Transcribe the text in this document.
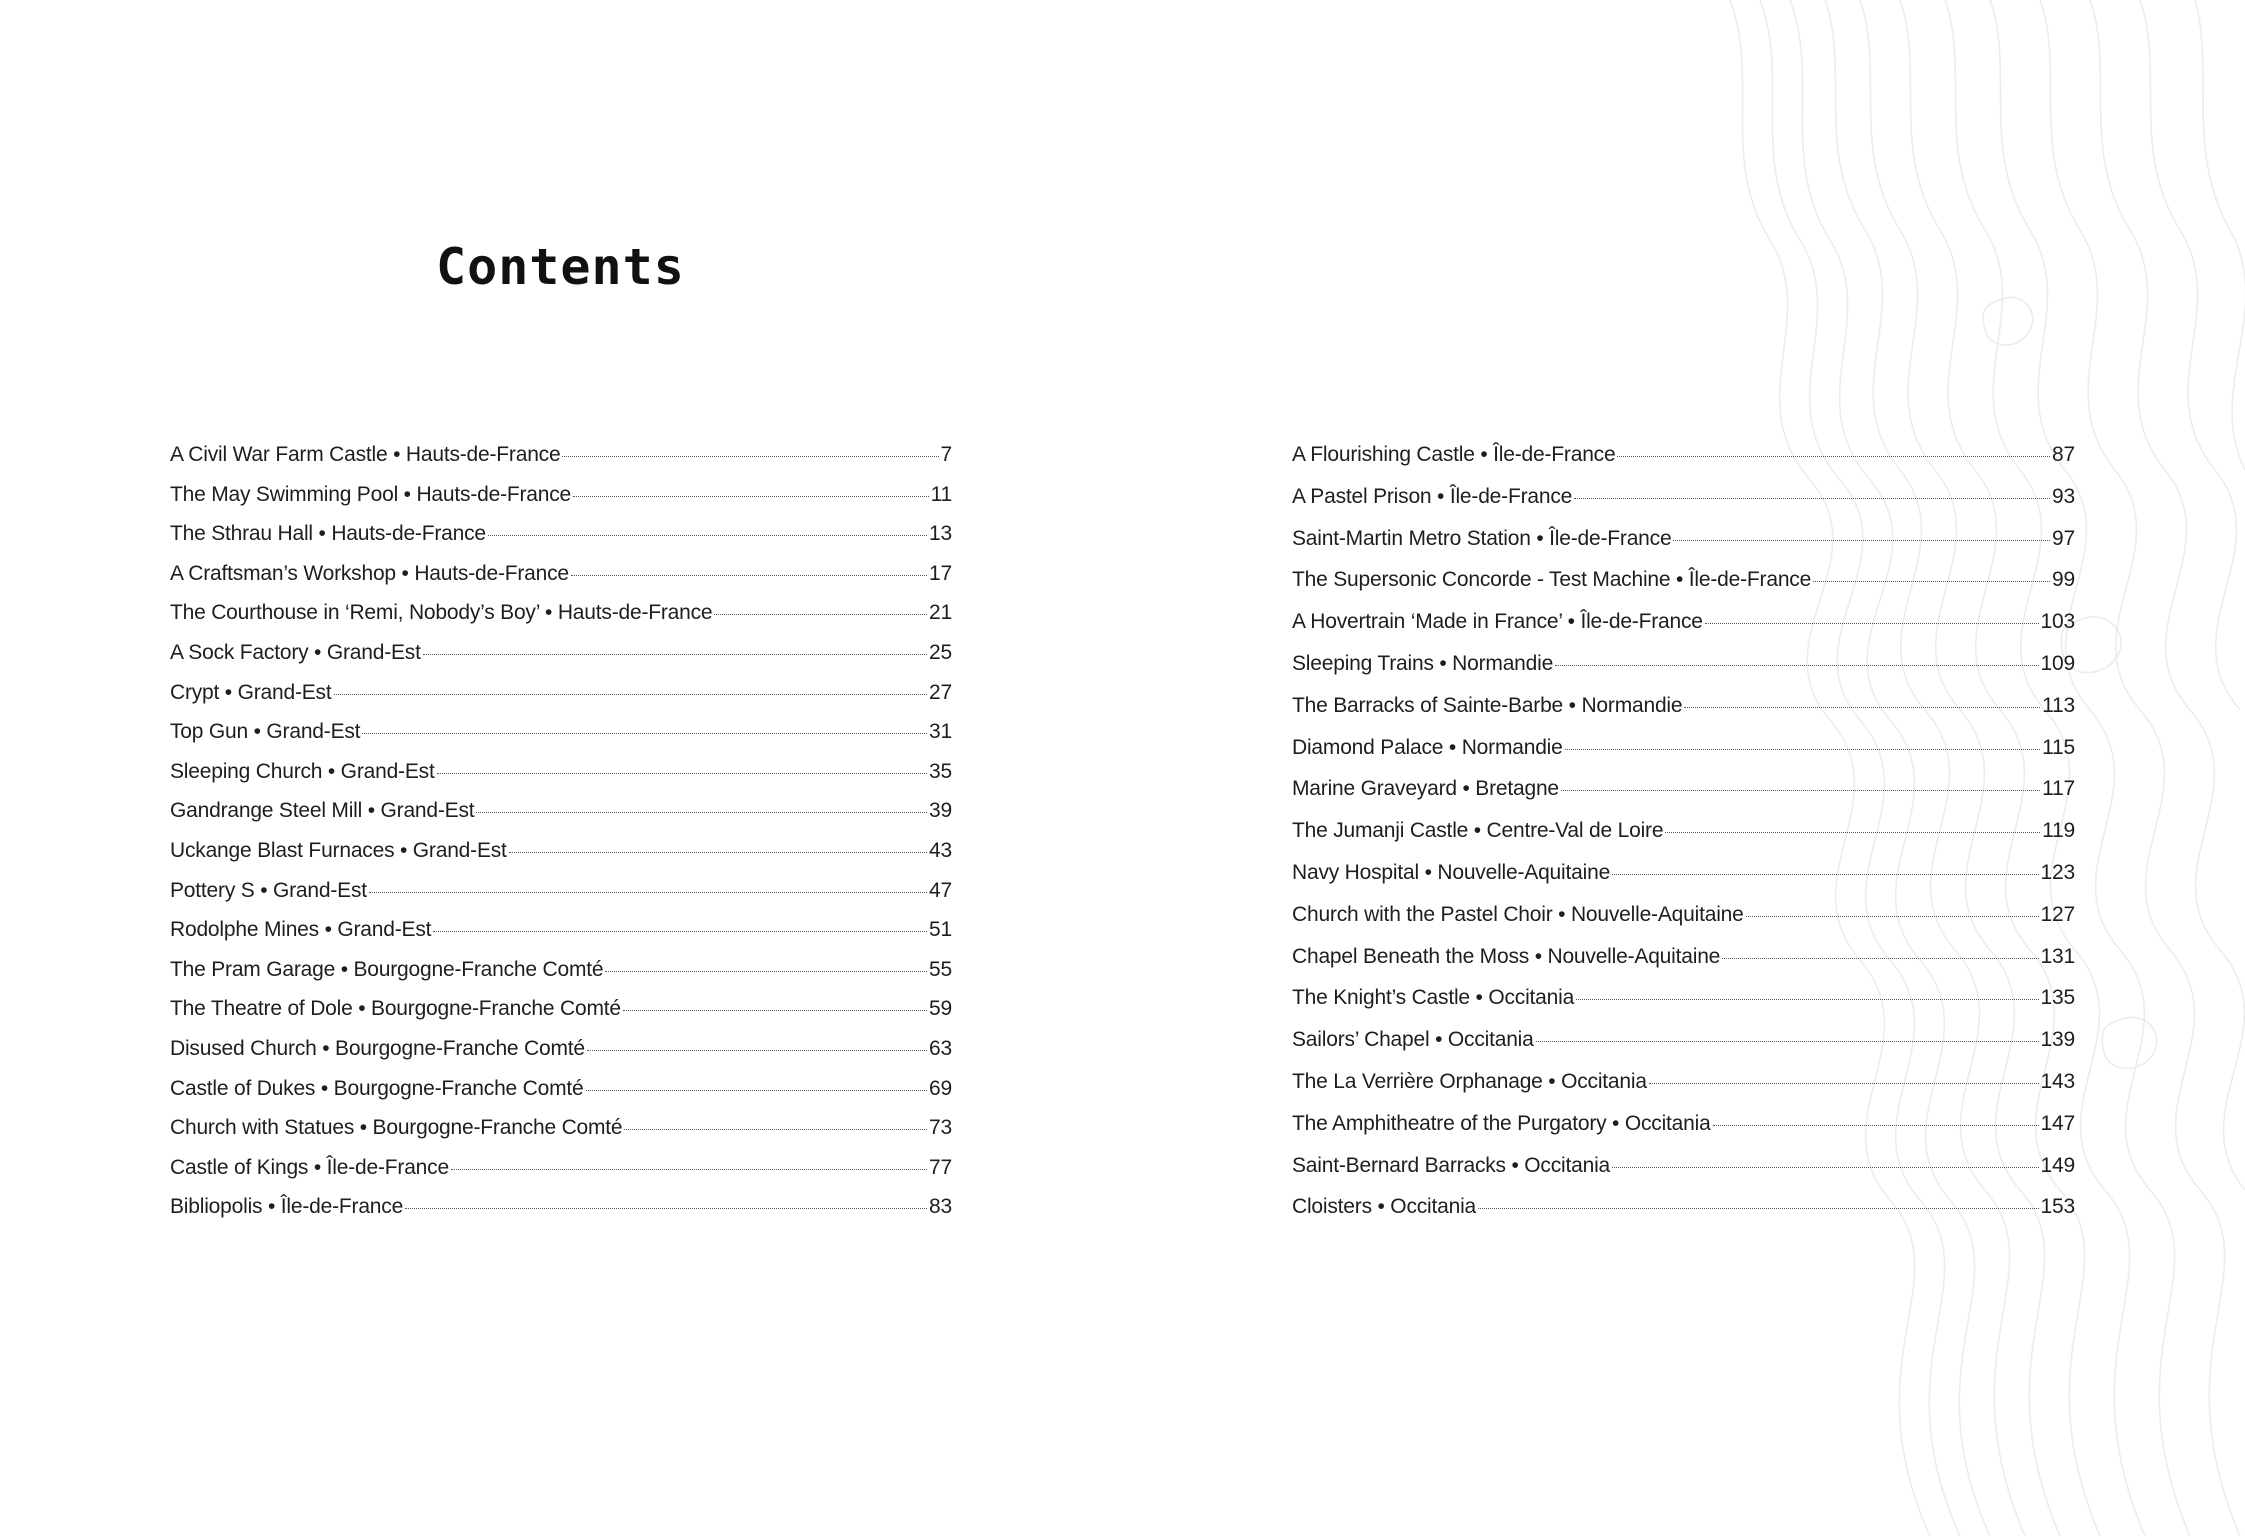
Contents
A Civil War Farm Castle • Hauts-de-France	7
The May Swimming Pool • Hauts-de-France	11
The Sthrau Hall • Hauts-de-France	13
A Craftsman’s Workshop • Hauts-de-France	17
The Courthouse in ‘Remi, Nobody’s Boy’ • Hauts-de-France	21
A Sock Factory • Grand-Est	25
Crypt • Grand-Est	27
Top Gun • Grand-Est	31
Sleeping Church • Grand-Est	35
Gandrange Steel Mill • Grand-Est	39
Uckange Blast Furnaces • Grand-Est	43
Pottery S • Grand-Est	47
Rodolphe Mines • Grand-Est	51
The Pram Garage • Bourgogne-Franche Comté	55
The Theatre of Dole • Bourgogne-Franche Comté	59
Disused Church • Bourgogne-Franche Comté	63
Castle of Dukes • Bourgogne-Franche Comté	69
Church with Statues • Bourgogne-Franche Comté	73
Castle of Kings • Île-de-France	77
Bibliopolis • Île-de-France	83
A Flourishing Castle • Île-de-France	87
A Pastel Prison • Île-de-France	93
Saint-Martin Metro Station • Île-de-France	97
The Supersonic Concorde - Test Machine • Île-de-France	99
A Hovertrain ‘Made in France’ • Île-de-France	103
Sleeping Trains • Normandie	109
The Barracks of Sainte-Barbe • Normandie	113
Diamond Palace • Normandie	115
Marine Graveyard • Bretagne	117
The Jumanji Castle • Centre-Val de Loire	119
Navy Hospital • Nouvelle-Aquitaine	123
Church with the Pastel Choir • Nouvelle-Aquitaine	127
Chapel Beneath the Moss • Nouvelle-Aquitaine	131
The Knight’s Castle • Occitania	135
Sailors’ Chapel • Occitania	139
The La Verrière Orphanage • Occitania	143
The Amphitheatre of the Purgatory • Occitania	147
Saint-Bernard Barracks • Occitania	149
Cloisters • Occitania	153
